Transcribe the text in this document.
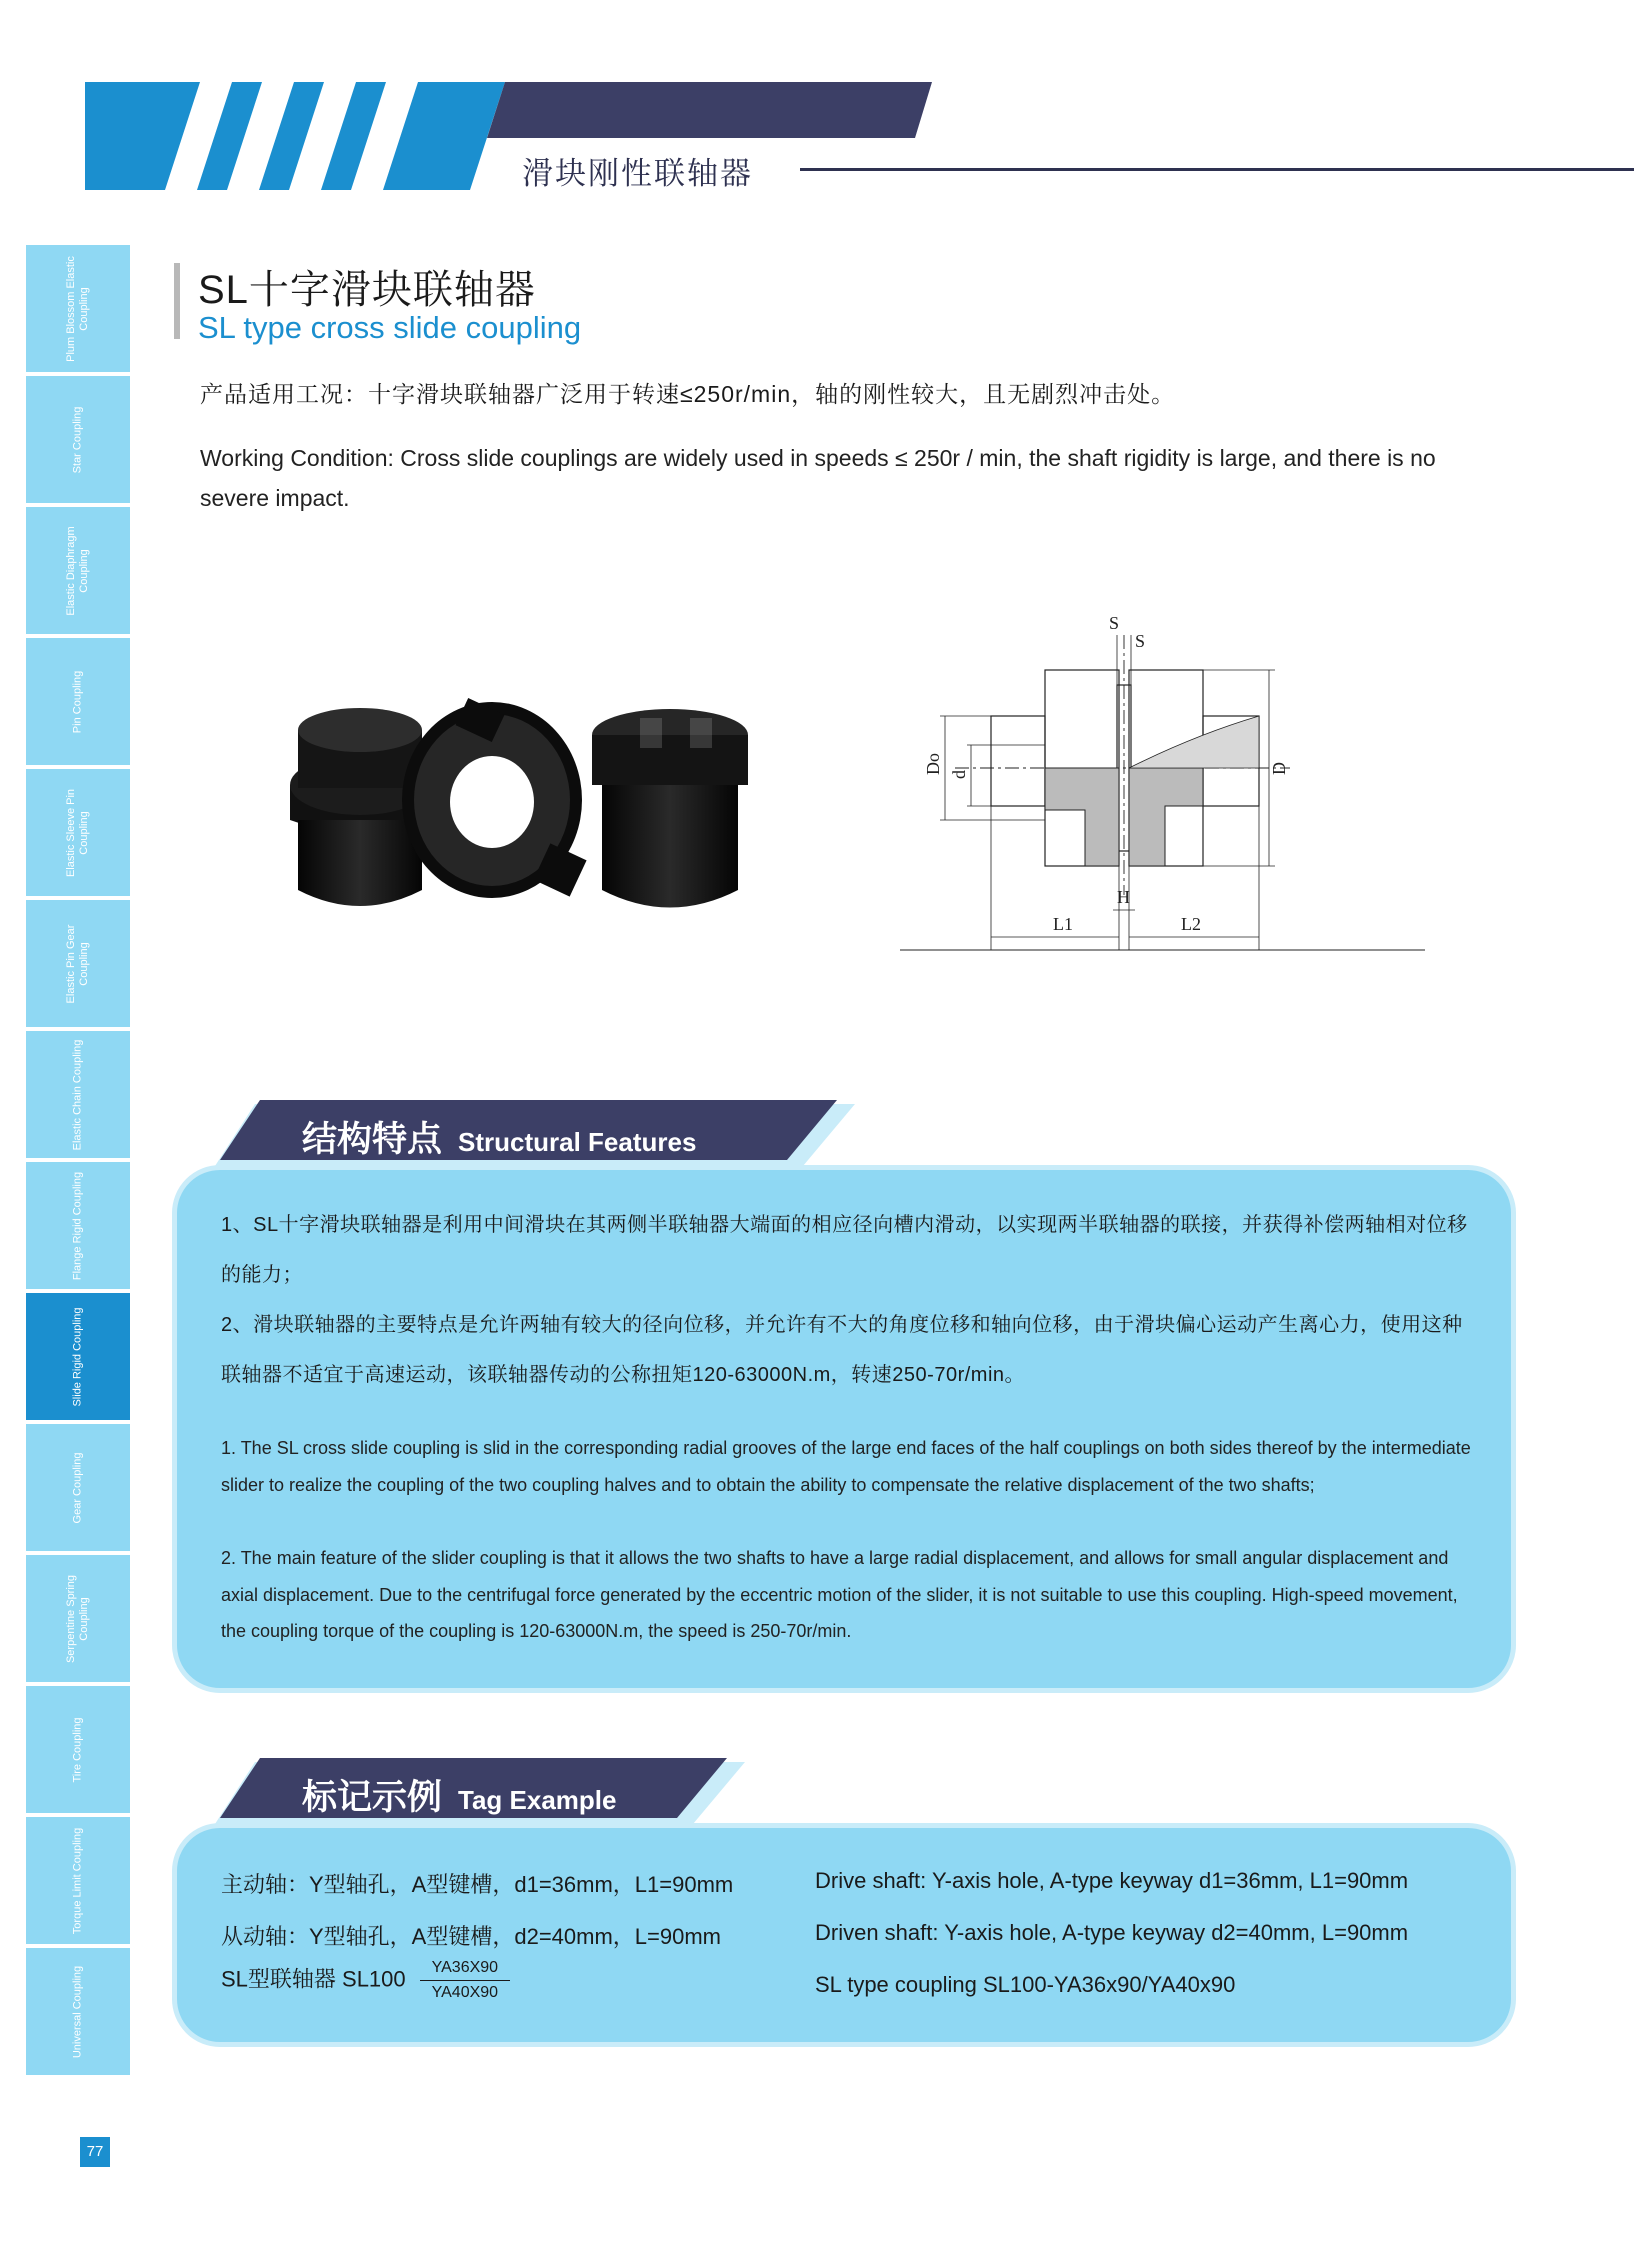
滑块刚性联轴器
Plum Blossom Elastic Coupling
Star Coupling
Elastic Diaphragm Coupling
Pin Coupling
Elastic Sleeve Pin Coupling
Elastic Pin Gear Coupling
Elastic Chain Coupling
Flange Rigid Coupling
Slide Rigid Coupling
Gear Coupling
Serpentine Spring Coupling
Tire Coupling
Torque Limit Coupling
Universal Coupling
77
SL十字滑块联轴器
SL type cross slide coupling
产品适用工况：十字滑块联轴器广泛用于转速≤250r/min，轴的刚性较大，且无剧烈冲击处。
Working Condition: Cross slide couplings are widely used in speeds ≤ 250r / min, the shaft rigidity is large, and there is no severe impact.
S
S
Do d	D
H
L1	L2
结构特点 Structural Features
1、SL十字滑块联轴器是利用中间滑块在其两侧半联轴器大端面的相应径向槽内滑动，以实现两半联轴器的联接，并获得补偿两轴相对位移的能力；
2、滑块联轴器的主要特点是允许两轴有较大的径向位移，并允许有不大的角度位移和轴向位移，由于滑块偏心运动产生离心力，使用这种联轴器不适宜于高速运动，该联轴器传动的公称扭矩120-63000N.m，转速250-70r/min。
1. The SL cross slide coupling is slid in the corresponding radial grooves of the large end faces of the half couplings on both sides thereof by the intermediate slider to realize the coupling of the two coupling halves and to obtain the ability to compensate the relative displacement of the two shafts;
2. The main feature of the slider coupling is that it allows the two shafts to have a large radial displacement, and allows for small angular displacement and axial displacement. Due to the centrifugal force generated by the eccentric motion of the slider, it is not suitable to use this coupling. High-speed movement, the coupling torque of the coupling is 120-63000N.m, the speed is 250-70r/min.
标记示例 Tag Example
主动轴：Y型轴孔，A型键槽，d1=36mm，L1=90mm
从动轴：Y型轴孔，A型键槽，d2=40mm，L=90mm
SL型联轴器 $SL100 \frac{YA36X90}{YA40X90}$
Drive shaft: Y-axis hole, A-type keyway d1=36mm, L1=90mm
Driven shaft: Y-axis hole, A-type keyway d2=40mm, L=90mm
SL type coupling SL100-YA36x90/YA40x90
